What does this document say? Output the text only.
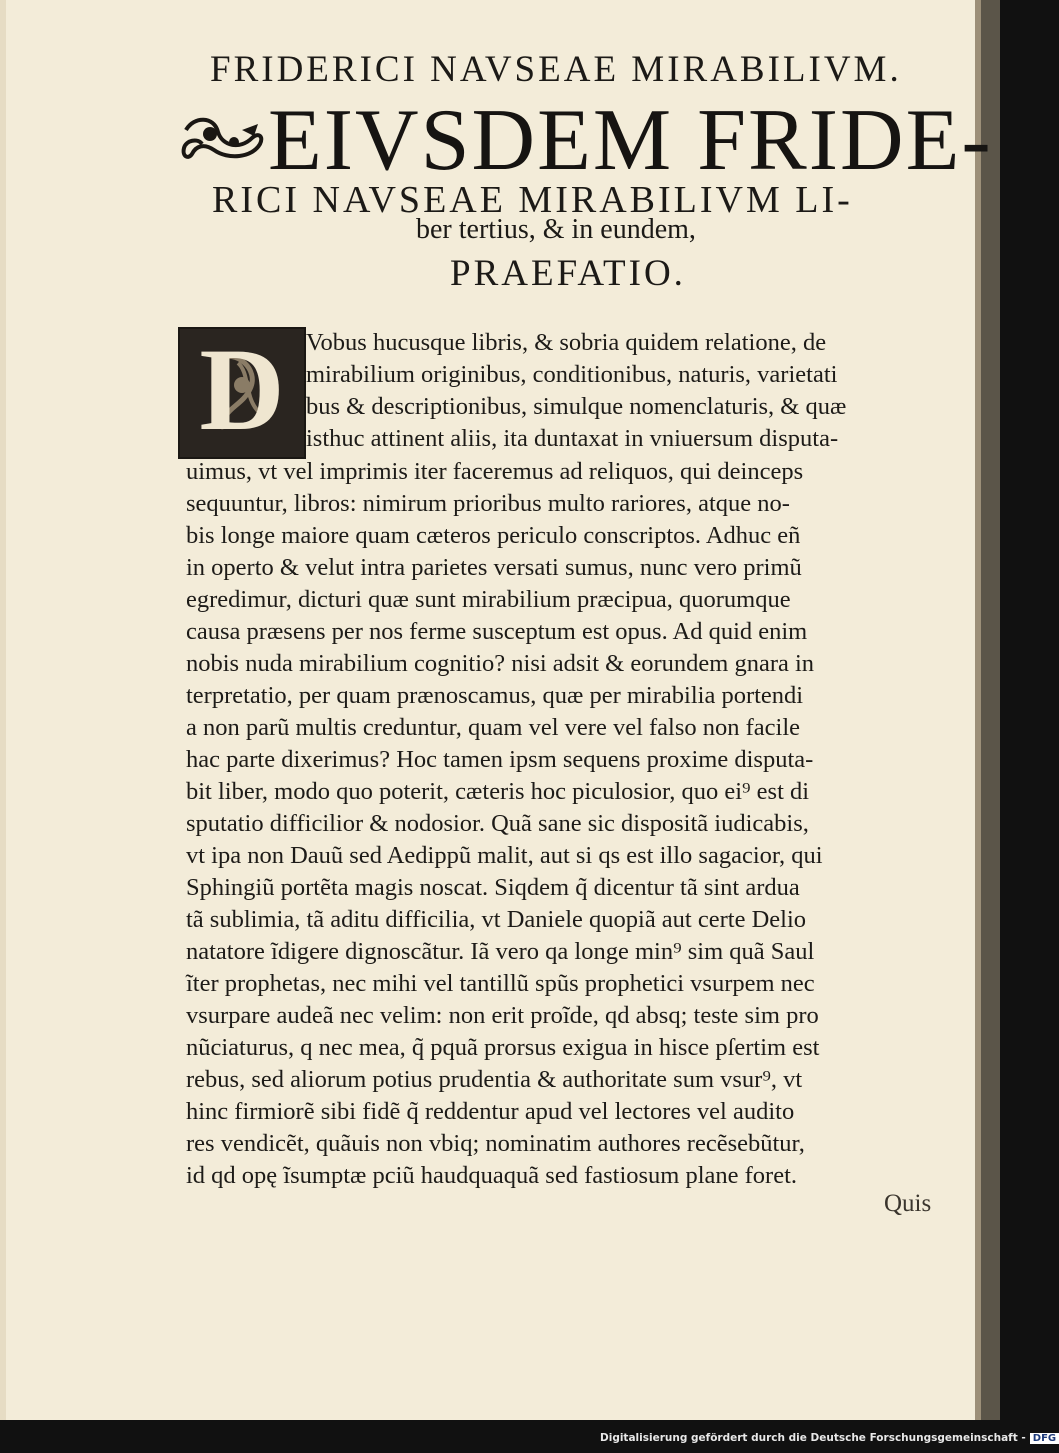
FRIDERICI NAVSEAE MIRABILIVM.
EIVSDEM FRIDE-
RICI NAVSEAE MIRABILIVM LI-
ber tertius, & in eundem,
PRAEFATIO.
D Vobus hucusque libris, & sobria quidem relatione, de
mirabilium originibus, conditionibus, naturis, varietati
bus & descriptionibus, simulque nomenclaturis, & quæ
isthuc attinent aliis, ita duntaxat in vniuersum disputa-
uimus, vt vel imprimis iter faceremus ad reliquos, qui deinceps
sequuntur, libros: nimirum prioribus multo rariores, atque no-
bis longe maiore quam cæteros periculo conscriptos. Adhuc eñ
in operto & velut intra parietes versati sumus, nunc vero primũ
egredimur, dicturi quæ sunt mirabilium præcipua, quorumque
causa præsens per nos ferme susceptum est opus. Ad quid enim
nobis nuda mirabilium cognitio? nisi adsit & eorundem gnara in
terpretatio, per quam prænoscamus, quæ per mirabilia portendi
a non parũ multis creduntur, quam vel vere vel falso non facile
hac parte dixerimus? Hoc tamen ipsm sequens proxime disputa-
bit liber, modo quo poterit, cæteris hoc piculosior, quo ei⁹ est di
sputatio difficilior & nodosior. Quã sane sic dispositã iudicabis,
vt ipa non Dauũ sed Aedippũ malit, aut si qs est illo sagacior, qui
Sphingiũ portẽta magis noscat. Siqdem q̃ dicentur tã sint ardua
tã sublimia, tã aditu difficilia, vt Daniele quopiã aut certe Delio
natatore ĩdigere dignoscãtur. Iã vero qa longe min⁹ sim quã Saul
ĩter prophetas, nec mihi vel tantillũ spũs prophetici vsurpem nec
vsurpare audeã nec velim: non erit proĩde, qd absq; teste sim pro
nũciaturus, q nec mea, q̃ pquã prorsus exigua in hisce pſertim est
rebus, sed aliorum potius prudentia & authoritate sum vsur⁹, vt
hinc firmiorẽ sibi fidẽ q̃ reddentur apud vel lectores vel audito
res vendicẽt, quãuis non vbiq; nominatim authores recẽsebũtur,
id qd opę ĩsumptæ pciũ haudquaquã sed fastiosum plane foret.
Quis
Digitalisierung gefördert durch die Deutsche Forschungsgemeinschaft - DFG
